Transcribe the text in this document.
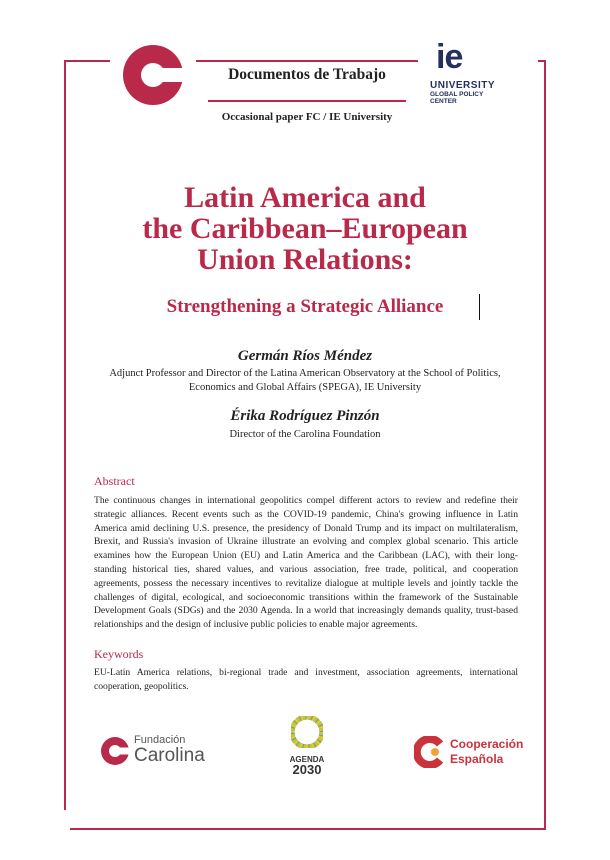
Documentos de Trabajo
Occasional paper FC / IE University
ie
UNIVERSITY
GLOBAL POLICY
CENTER
Latin America and
the Caribbean–European
Union Relations:
Strengthening a Strategic Alliance
Germán Ríos Méndez
Adjunct Professor and Director of the Latina American Observatory at the School of Politics,
Economics and Global Affairs (SPEGA), IE University
Érika Rodríguez Pinzón
Director of the Carolina Foundation
Abstract
The continuous changes in international geopolitics compel different actors to review and redefine their strategic alliances. Recent events such as the COVID-19 pandemic, China's growing influence in Latin America amid declining U.S. presence, the presidency of Donald Trump and its impact on multilateralism, Brexit, and Russia's invasion of Ukraine illustrate an evolving and complex global scenario. This article examines how the European Union (EU) and Latin America and the Caribbean (LAC), with their long-standing historical ties, shared values, and various association, free trade, political, and cooperation agreements, possess the necessary incentives to revitalize dialogue at multiple levels and jointly tackle the challenges of digital, ecological, and socioeconomic transitions within the framework of the Sustainable Development Goals (SDGs) and the 2030 Agenda. In a world that increasingly demands quality, trust-based relationships and the design of inclusive public policies to enable major agreements.
Keywords
EU-Latin America relations, bi-regional trade and investment, association agreements, international cooperation, geopolitics.
Fundación
Carolina	AGENDA
2030
Cooperación
Española
